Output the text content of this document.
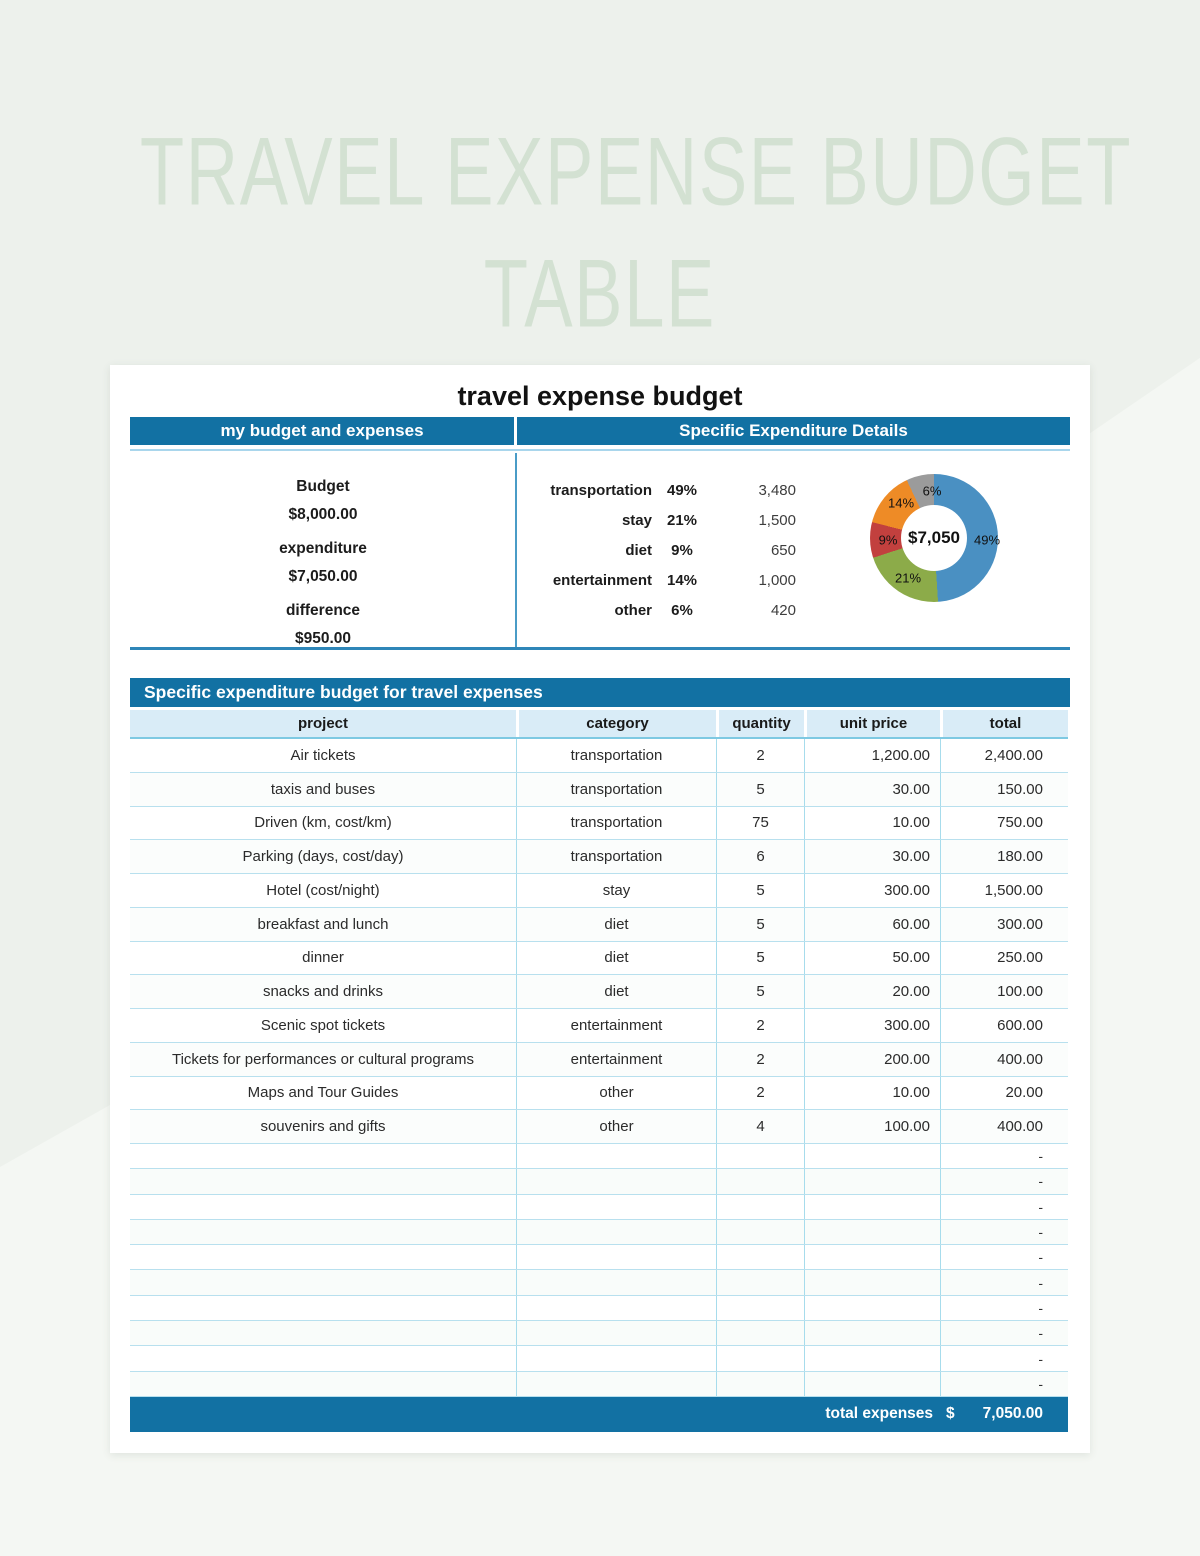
TRAVEL EXPENSE BUDGET
TABLE
travel expense budget
my budget and expenses	Specific Expenditure Details
Budget
$8,000.00
expenditure
$7,050.00
difference
$950.00
transportation 49%	3,480
stay 21%	1,500
diet	9%	650
entertainment 14%	1,000
other	6%	420
$7,050 49%
21%
9%
14%
6%
Specific expenditure budget for travel expenses
project	category	quantity	unit price	total
Air tickets	transportation	2	1,200.00	2,400.00
taxis and buses	transportation	5	30.00	150.00
Driven (km, cost/km)	transportation	75	10.00	750.00
Parking (days, cost/day)	transportation	6	30.00	180.00
Hotel (cost/night)	stay	5	300.00	1,500.00
breakfast and lunch	diet	5	60.00	300.00
dinner	diet	5	50.00	250.00
snacks and drinks	diet	5	20.00	100.00
Scenic spot tickets	entertainment	2	300.00	600.00
Tickets for performances or cultural programs	entertainment	2	200.00	400.00
Maps and Tour Guides	other	2	10.00	20.00
souvenirs and gifts	other	4	100.00	400.00
-
-
-
-
-
-
-
-
-
-
total expenses $ 7,050.00
